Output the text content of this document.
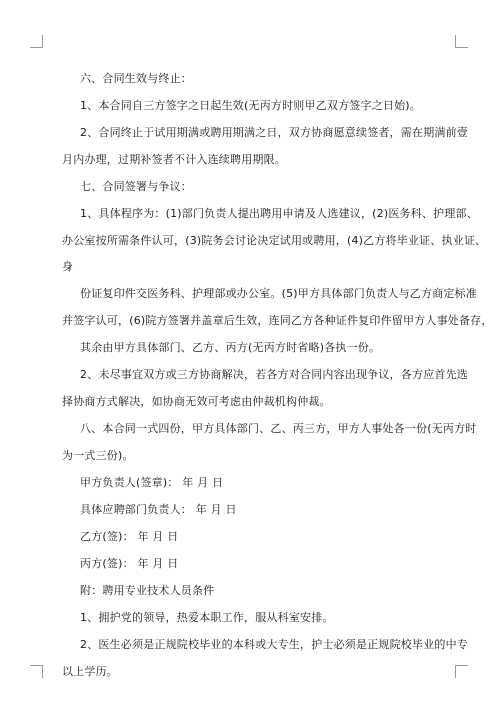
六、合同生效与终止：
1、本合同自三方签字之日起生效(无丙方时则甲乙双方签字之日始)。
2、合同终止于试用期满或聘用期满之日，双方协商愿意续签者，需在期满前壹
月内办理，过期补签者不计入连续聘用期限。
七、合同签署与争议：
1、具体程序为：(1)部门负责人提出聘用申请及人选建议，(2)医务科、护理部、
办公室按所需条件认可，(3)院务会讨论决定试用或聘用，(4)乙方将毕业证、执业证、
身
份证复印件交医务科、护理部或办公室。(5)甲方具体部门负责人与乙方商定标准
并签字认可，(6)院方签署并盖章后生效，连同乙方各种证件复印件留甲方人事处备存，
其余由甲方具体部门、乙方、丙方(无丙方时省略)各执一份。
2、未尽事宜双方或三方协商解决，若各方对合同内容出现争议，各方应首先选
择协商方式解决，如协商无效可考虑由仲裁机构仲裁。
八、本合同一式四份，甲方具体部门、乙、丙三方，甲方人事处各一份(无丙方时
为一式三份)。
甲方负责人(签章)： 年 月 日
具体应聘部门负责人： 年 月 日
乙方(签)： 年 月 日
丙方(签)： 年 月 日
附：聘用专业技术人员条件
1、拥护党的领导，热爱本职工作，服从科室安排。
2、医生必须是正规院校毕业的本科或大专生，护士必须是正规院校毕业的中专
以上学历。
